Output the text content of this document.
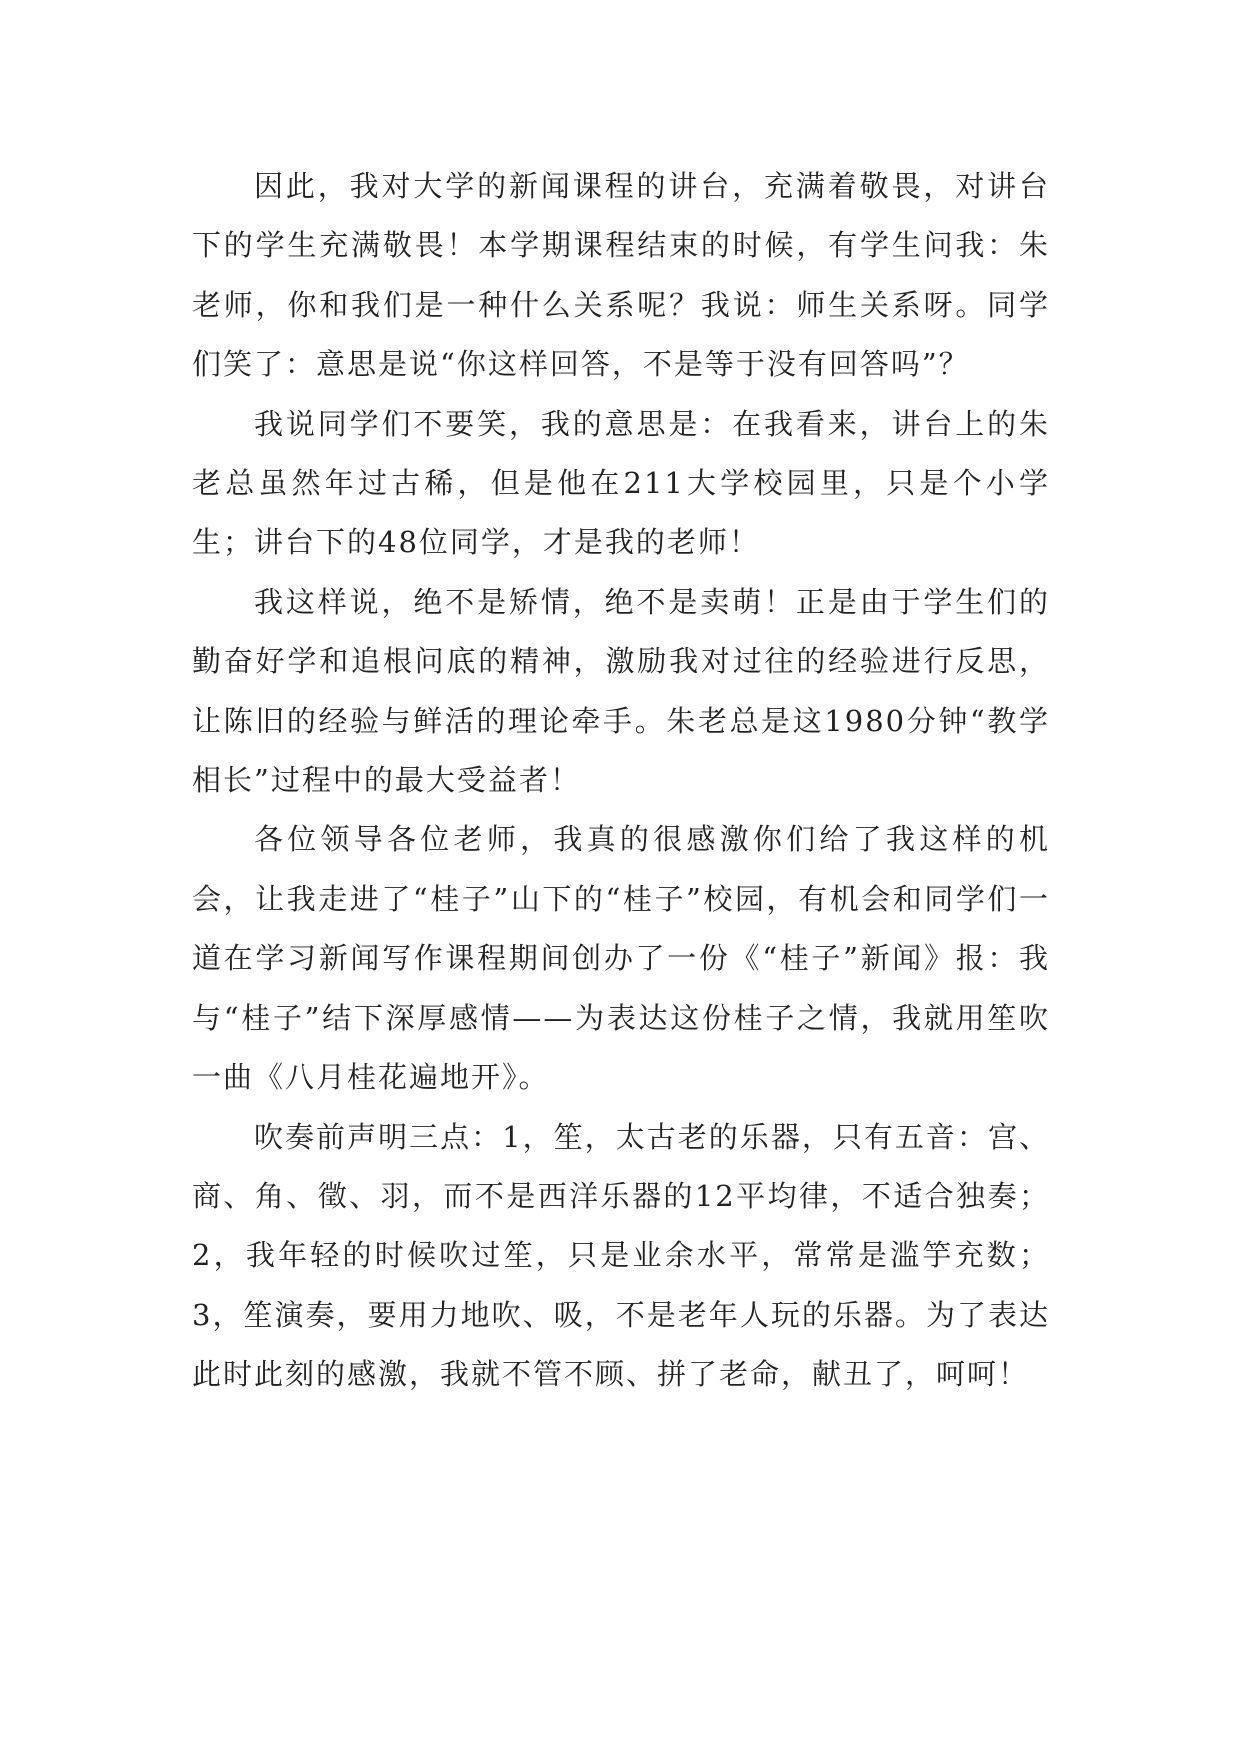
因此，我对大学的新闻课程的讲台，充满着敬畏，对讲台下的学生充满敬畏！本学期课程结束的时候，有学生问我：朱老师，你和我们是一种什么关系呢？我说：师生关系呀。同学们笑了：意思是说“你这样回答，不是等于没有回答吗”？

我说同学们不要笑，我的意思是：在我看来，讲台上的朱老总虽然年过古稀，但是他在211大学校园里，只是个小学生；讲台下的48位同学，才是我的老师！

我这样说，绝不是矫情，绝不是卖萌！正是由于学生们的勤奋好学和追根问底的精神，激励我对过往的经验进行反思，让陈旧的经验与鲜活的理论牵手。朱老总是这1980分钟“教学相长”过程中的最大受益者！

各位领导各位老师，我真的很感激你们给了我这样的机会，让我走进了“桂子”山下的“桂子”校园，有机会和同学们一道在学习新闻写作课程期间创办了一份《“桂子”新闻》报：我与“桂子”结下深厚感情——为表达这份桂子之情，我就用笙吹一曲《八月桂花遍地开》。

吹奏前声明三点：1，笙，太古老的乐器，只有五音：宫、商、角、徵、羽，而不是西洋乐器的12平均律，不适合独奏；2，我年轻的时候吹过笙，只是业余水平，常常是滥竽充数；3，笙演奏，要用力地吹、吸，不是老年人玩的乐器。为了表达此时此刻的感激，我就不管不顾、拼了老命，献丑了，呵呵！
